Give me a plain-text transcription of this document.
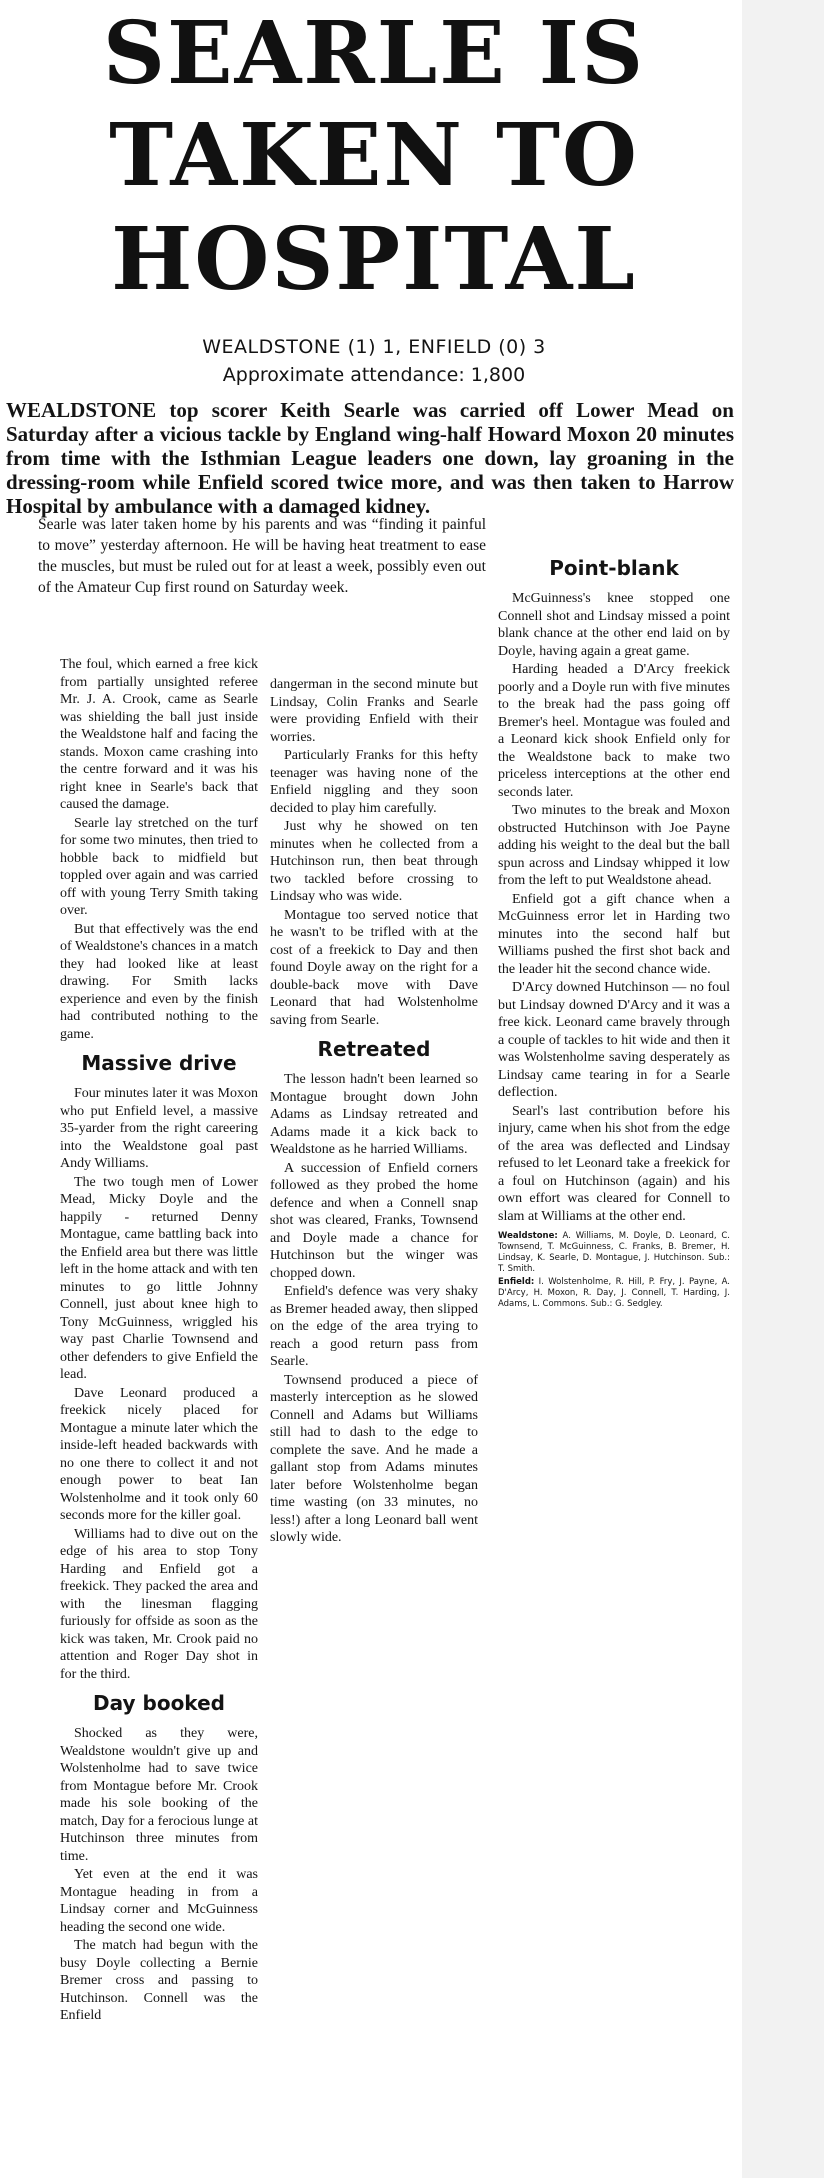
SEARLE IS
TAKEN TO
HOSPITAL
WEALDSTONE (1) 1, ENFIELD (0) 3
Approximate attendance: 1,800

WEALDSTONE top scorer Keith Searle was carried off Lower Mead on Saturday after a vicious tackle by England wing-half Howard Moxon 20 minutes from time with the Isthmian League leaders one down, lay groaning in the dressing-room while Enfield scored twice more, and was then taken to Harrow Hospital by ambulance with a damaged kidney.

Searle was later taken home by his parents and was “finding it painful to move” yesterday afternoon. He will be having heat treatment to ease the muscles, but must be ruled out for at least a week, possibly even out of the Amateur Cup first round on Saturday week.

The foul, which earned a free kick from partially unsighted referee Mr. J. A. Crook, came as Searle was shielding the ball just inside the Wealdstone half and facing the stands. Moxon came crashing into the centre forward and it was his right knee in Searle's back that caused the damage.

Searle lay stretched on the turf for some two minutes, then tried to hobble back to midfield but toppled over again and was carried off with young Terry Smith taking over.

But that effectively was the end of Wealdstone's chances in a match they had looked like at least drawing. For Smith lacks experience and even by the finish had contributed nothing to the game.

Massive drive

Four minutes later it was Moxon who put Enfield level, a massive 35-yarder from the right careering into the Wealdstone goal past Andy Williams.

The two tough men of Lower Mead, Micky Doyle and the happily - returned Denny Montague, came battling back into the Enfield area but there was little left in the home attack and with ten minutes to go little Johnny Connell, just about knee high to Tony McGuinness, wriggled his way past Charlie Townsend and other defenders to give Enfield the lead.

Dave Leonard produced a freekick nicely placed for Montague a minute later which the inside-left headed backwards with no one there to collect it and not enough power to beat Ian Wolstenholme and it took only 60 seconds more for the killer goal.

Williams had to dive out on the edge of his area to stop Tony Harding and Enfield got a freekick. They packed the area and with the linesman flagging furiously for offside as soon as the kick was taken, Mr. Crook paid no attention and Roger Day shot in for the third.

Day booked

Shocked as they were, Wealdstone wouldn't give up and Wolstenholme had to save twice from Montague before Mr. Crook made his sole booking of the match, Day for a ferocious lunge at Hutchinson three minutes from time.

Yet even at the end it was Montague heading in from a Lindsay corner and McGuinness heading the second one wide.

The match had begun with the busy Doyle collecting a Bernie Bremer cross and passing to Hutchinson. Connell was the Enfield

dangerman in the second minute but Lindsay, Colin Franks and Searle were providing Enfield with their worries.

Particularly Franks for this hefty teenager was having none of the Enfield niggling and they soon decided to play him carefully.

Just why he showed on ten minutes when he collected from a Hutchinson run, then beat through two tackled before crossing to Lindsay who was wide.

Montague too served notice that he wasn't to be trifled with at the cost of a freekick to Day and then found Doyle away on the right for a double-back move with Dave Leonard that had Wolstenholme saving from Searle.

Retreated

The lesson hadn't been learned so Montague brought down John Adams as Lindsay retreated and Adams made it a kick back to Wealdstone as he harried Williams.

A succession of Enfield corners followed as they probed the home defence and when a Connell snap shot was cleared, Franks, Townsend and Doyle made a chance for Hutchinson but the winger was chopped down.

Enfield's defence was very shaky as Bremer headed away, then slipped on the edge of the area trying to reach a good return pass from Searle.

Townsend produced a piece of masterly interception as he slowed Connell and Adams but Williams still had to dash to the edge to complete the save. And he made a gallant stop from Adams minutes later before Wolstenholme began time wasting (on 33 minutes, no less!) after a long Leonard ball went slowly wide.

Point-blank

McGuinness's knee stopped one Connell shot and Lindsay missed a point blank chance at the other end laid on by Doyle, having again a great game.

Harding headed a D'Arcy freekick poorly and a Doyle run with five minutes to the break had the pass going off Bremer's heel. Montague was fouled and a Leonard kick shook Enfield only for the Wealdstone back to make two priceless interceptions at the other end seconds later.

Two minutes to the break and Moxon obstructed Hutchinson with Joe Payne adding his weight to the deal but the ball spun across and Lindsay whipped it low from the left to put Wealdstone ahead.

Enfield got a gift chance when a McGuinness error let in Harding two minutes into the second half but Williams pushed the first shot back and the leader hit the second chance wide.

D'Arcy downed Hutchinson — no foul but Lindsay downed D'Arcy and it was a free kick. Leonard came bravely through a couple of tackles to hit wide and then it was Wolstenholme saving desperately as Lindsay came tearing in for a Searle deflection.

Searl's last contribution before his injury, came when his shot from the edge of the area was deflected and Lindsay refused to let Leonard take a freekick for a foul on Hutchinson (again) and his own effort was cleared for Connell to slam at Williams at the other end.

Wealdstone: A. Williams, M. Doyle, D. Leonard, C. Townsend, T. McGuinness, C. Franks, B. Bremer, H. Lindsay, K. Searle, D. Montague, J. Hutchinson. Sub.: T. Smith.

Enfield: I. Wolstenholme, R. Hill, P. Fry, J. Payne, A. D'Arcy, H. Moxon, R. Day, J. Connell, T. Harding, J. Adams, L. Commons. Sub.: G. Sedgley.
